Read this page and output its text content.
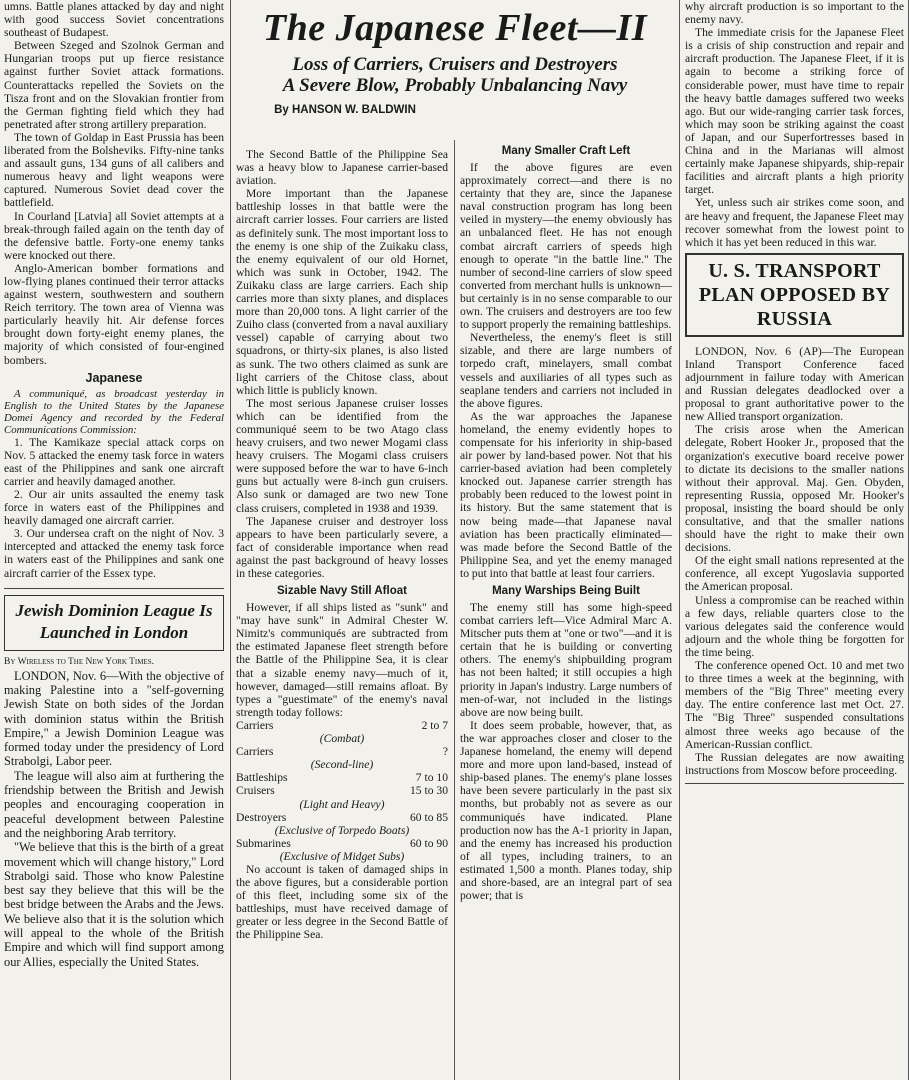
umns. Battle planes attacked by day and night with good success Soviet concentrations southeast of Budapest.

Between Szeged and Szolnok German and Hungarian troops put up fierce resistance against further Soviet attack formations. Counterattacks repelled the Soviets on the Tisza front and on the Slovakian frontier from the German fighting field which they had penetrated after strong artillery preparation.

The town of Goldap in East Prussia has been liberated from the Bolsheviks. Fifty-nine tanks and assault guns, 134 guns of all calibers and numerous heavy and light weapons were captured. Numerous Soviet dead cover the battlefield.

In Courland [Latvia] all Soviet attempts at a break-through failed again on the tenth day of the defensive battle. Forty-one enemy tanks were knocked out there.

Anglo-American bomber formations and low-flying planes continued their terror attacks against western, southwestern and southern Reich territory. The town area of Vienna was particularly heavily hit. Air defense forces brought down forty-eight enemy planes, the majority of which consisted of four-engined bombers.

Japanese

A communiqué, as broadcast yesterday in English to the United States by the Japanese Domei Agency and recorded by the Federal Communications Commission:

1. The Kamikaze special attack corps on Nov. 5 attacked the enemy task force in waters east of the Philippines and sank one aircraft carrier and heavily damaged another.

2. Our air units assaulted the enemy task force in waters east of the Philippines and heavily damaged one aircraft carrier.

3. Our undersea craft on the night of Nov. 3 intercepted and attacked the enemy task force in waters east of the Philippines and sank one aircraft carrier of the Essex type.

Jewish Dominion League Is Launched in London
By Wireless to The New York Times.

LONDON, Nov. 6—With the objective of making Palestine into a "self-governing Jewish State on both sides of the Jordan with dominion status within the British Empire," a Jewish Dominion League was formed today under the presidency of Lord Strabolgi, Labor peer.

The league will also aim at furthering the friendship between the British and Jewish peoples and encouraging cooperation in peaceful development between Palestine and the neighboring Arab territory.

"We believe that this is the birth of a great movement which will change history," Lord Strabolgi said. Those who know Palestine best say they believe that this will be the best bridge between the Arabs and the Jews. We believe also that it is the solution which will appeal to the whole of the British Empire and which will find support among our Allies, especially the United States.

The Japanese Fleet—II
Loss of Carriers, Cruisers and Destroyers
A Severe Blow, Probably Unbalancing Navy
By HANSON W. BALDWIN

The Second Battle of the Philippine Sea was a heavy blow to Japanese carrier-based aviation.

More important than the Japanese battleship losses in that battle were the aircraft carrier losses. Four carriers are listed as definitely sunk. The most important loss to the enemy is one ship of the Zuikaku class, the enemy equivalent of our old Hornet, which was sunk in October, 1942. The Zuikaku class are large carriers. Each ship carries more than sixty planes, and displaces more than 20,000 tons. A light carrier of the Zuiho class (converted from a naval auxiliary vessel) capable of carrying about two squadrons, or thirty-six planes, is also listed as sunk. The two others claimed as sunk are light carriers of the Chitose class, about which little is publicly known.

The most serious Japanese cruiser losses which can be identified from the communiqué seem to be two Atago class heavy cruisers, and two newer Mogami class heavy cruisers. The Mogami class cruisers were supposed before the war to have 6-inch guns but actually were 8-inch gun cruisers. Also sunk or damaged are two new Tone class cruisers, completed in 1938 and 1939.

The Japanese cruiser and destroyer loss appears to have been particularly severe, a fact of considerable importance when read against the past background of heavy losses in these categories.

Sizable Navy Still Afloat

However, if all ships listed as "sunk" and "may have sunk" in Admiral Chester W. Nimitz's communiqués are subtracted from the estimated Japanese fleet strength before the Battle of the Philippine Sea, it is clear that a sizable enemy navy—much of it, however, damaged—still remains afloat. By types a "guestimate" of the enemy's naval strength today follows:

Carriers	2 to 7
(Combat)	
Carriers	?
(Second-line)	
Battleships	7 to 10
Cruisers	15 to 30
(Light and Heavy)	
Destroyers	60 to 85
(Exclusive of Torpedo Boats)	
Submarines	60 to 90
(Exclusive of Midget Subs)	

No account is taken of damaged ships in the above figures, but a considerable portion of this fleet, including some six of the battleships, must have received damage of greater or less degree in the Second Battle of the Philippine Sea.

Many Smaller Craft Left

If the above figures are even approximately correct—and there is no certainty that they are, since the Japanese naval construction program has long been veiled in mystery—the enemy obviously has an unbalanced fleet. He has not enough combat aircraft carriers of speeds high enough to operate "in the battle line." The number of second-line carriers of slow speed converted from merchant hulls is unknown—but certainly is in no sense comparable to our own. The cruisers and destroyers are too few to support properly the remaining battleships.

Nevertheless, the enemy's fleet is still sizable, and there are large numbers of torpedo craft, minelayers, small combat vessels and auxiliaries of all types such as seaplane tenders and carriers not included in the above figures.

As the war approaches the Japanese homeland, the enemy evidently hopes to compensate for his inferiority in ship-based air power by land-based power. Not that his carrier-based aviation had been completely knocked out. Japanese carrier strength has probably been reduced to the lowest point in its history. But the same statement that is now being made—that Japanese naval aviation has been practically eliminated—was made before the Second Battle of the Philippine Sea, and yet the enemy managed to put into that battle at least four carriers.

Many Warships Being Built

The enemy still has some high-speed combat carriers left—Vice Admiral Marc A. Mitscher puts them at "one or two"—and it is certain that he is building or converting others. The enemy's shipbuilding program has not been halted; it still occupies a high priority in Japan's industry. Large numbers of men-of-war, not included in the listings above are now being built.

It does seem probable, however, that, as the war approaches closer and closer to the Japanese homeland, the enemy will depend more and more upon land-based, instead of ship-based planes. The enemy's plane losses have been severe particularly in the past six months, but probably not as severe as our communiqués have indicated. Plane production now has the A-1 priority in Japan, and the enemy has increased his production of all types, including trainers, to an estimated 1,500 a month. Planes today, ship and shore-based, are an integral part of sea power; that is

why aircraft production is so important to the enemy navy.

The immediate crisis for the Japanese Fleet is a crisis of ship construction and repair and aircraft production. The Japanese Fleet, if it is again to become a striking force of considerable power, must have time to repair the heavy battle damages suffered two weeks ago. But our wide-ranging carrier task forces, which may soon be striking against the coast of Japan, and our Superfortresses based in China and in the Marianas will almost certainly make Japanese shipyards, ship-repair facilities and aircraft plants a high priority target.

Yet, unless such air strikes come soon, and are heavy and frequent, the Japanese Fleet may recover somewhat from the lowest point to which it has yet been reduced in this war.

U. S. TRANSPORT PLAN OPPOSED BY RUSSIA

LONDON, Nov. 6 (AP)—The European Inland Transport Conference faced adjournment in failure today with American and Russian delegates deadlocked over a proposal to grant authoritative power to the new Allied transport organization.

The crisis arose when the American delegate, Robert Hooker Jr., proposed that the organization's executive board receive power to dictate its decisions to the smaller nations without their approval. Maj. Gen. Obyden, representing Russia, opposed Mr. Hooker's proposal, insisting the board should be only consultative, and that the smaller nations should have the right to make their own decisions.

Of the eight small nations represented at the conference, all except Yugoslavia supported the American proposal.

Unless a compromise can be reached within a few days, reliable quarters close to the various delegates said the conference would adjourn and the whole thing be forgotten for the time being.

The conference opened Oct. 10 and met two to three times a week at the beginning, with members of the "Big Three" meeting every day. The entire conference last met Oct. 27. The "Big Three" suspended consultations almost three weeks ago because of the American-Russian conflict.

The Russian delegates are now awaiting instructions from Moscow before proceeding.
